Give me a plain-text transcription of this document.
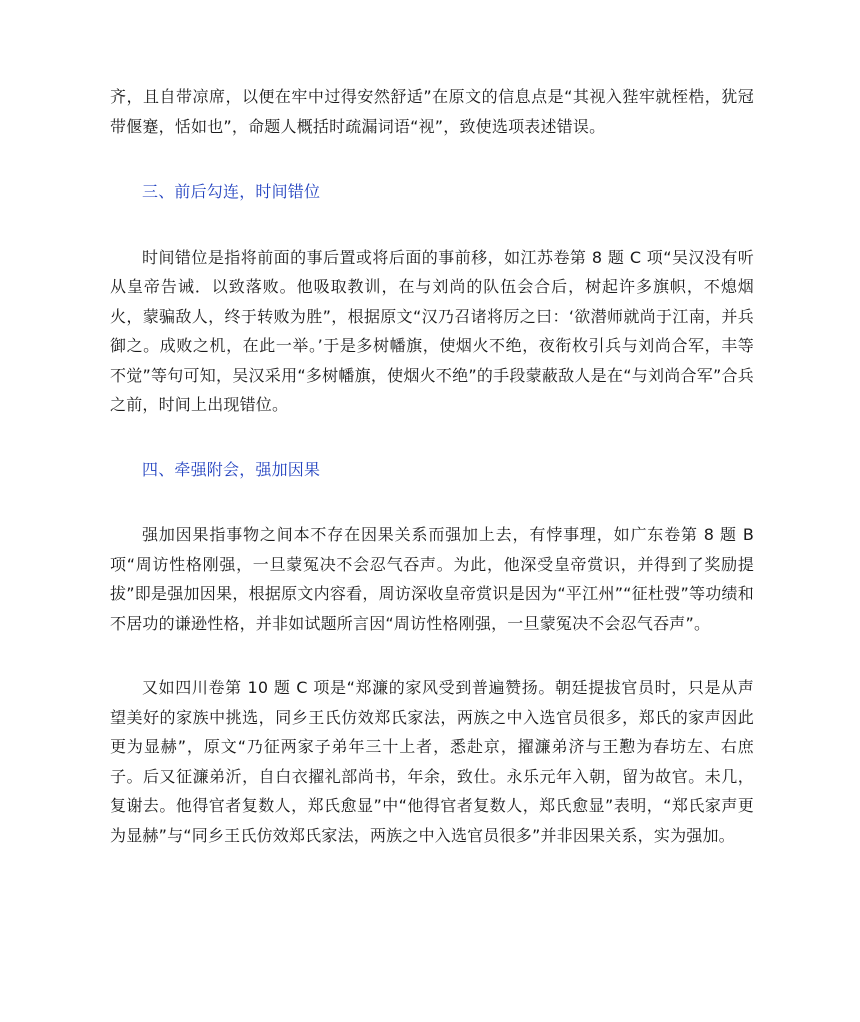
齐，且自带凉席，以便在牢中过得安然舒适”在原文的信息点是“其视入狴牢就桎梏，犹冠带偃蹇，恬如也”，命题人概括时疏漏词语“视”，致使选项表述错误。

三、前后勾连，时间错位

时间错位是指将前面的事后置或将后面的事前移，如江苏卷第 8 题 C 项“吴汉没有听从皇帝告诫．以致落败。他吸取教训，在与刘尚的队伍会合后，树起许多旗帜，不熄烟火，蒙骗敌人，终于转败为胜”，根据原文“汉乃召诸将厉之曰：‘欲潜师就尚于江南，并兵御之。成败之机，在此一举。’于是多树幡旗，使烟火不绝，夜衔枚引兵与刘尚合军，丰等不觉”等句可知，吴汉采用“多树幡旗，使烟火不绝”的手段蒙蔽敌人是在“与刘尚合军”合兵之前，时间上出现错位。

四、牵强附会，强加因果

强加因果指事物之间本不存在因果关系而强加上去，有悖事理，如广东卷第 8 题 B 项“周访性格刚强，一旦蒙冤决不会忍气吞声。为此，他深受皇帝赏识，并得到了奖励提拔”即是强加因果，根据原文内容看，周访深收皇帝赏识是因为“平江州”“征杜弢”等功绩和不居功的谦逊性格，并非如试题所言因“周访性格刚强，一旦蒙冤决不会忍气吞声”。

又如四川卷第 10 题 C 项是“郑濂的家风受到普遍赞扬。朝廷提拔官员时，只是从声望美好的家族中挑选，同乡王氏仿效郑氏家法，两族之中入选官员很多，郑氏的家声因此更为显赫”，原文“乃征两家子弟年三十上者，悉赴京，擢濂弟济与王懃为春坊左、右庶子。后又征濂弟沂，自白衣擢礼部尚书，年余，致仕。永乐元年入朝，留为故官。未几，复谢去。他得官者复数人，郑氏愈显”中“他得官者复数人，郑氏愈显”表明，“郑氏家声更为显赫”与“同乡王氏仿效郑氏家法，两族之中入选官员很多”并非因果关系，实为强加。
